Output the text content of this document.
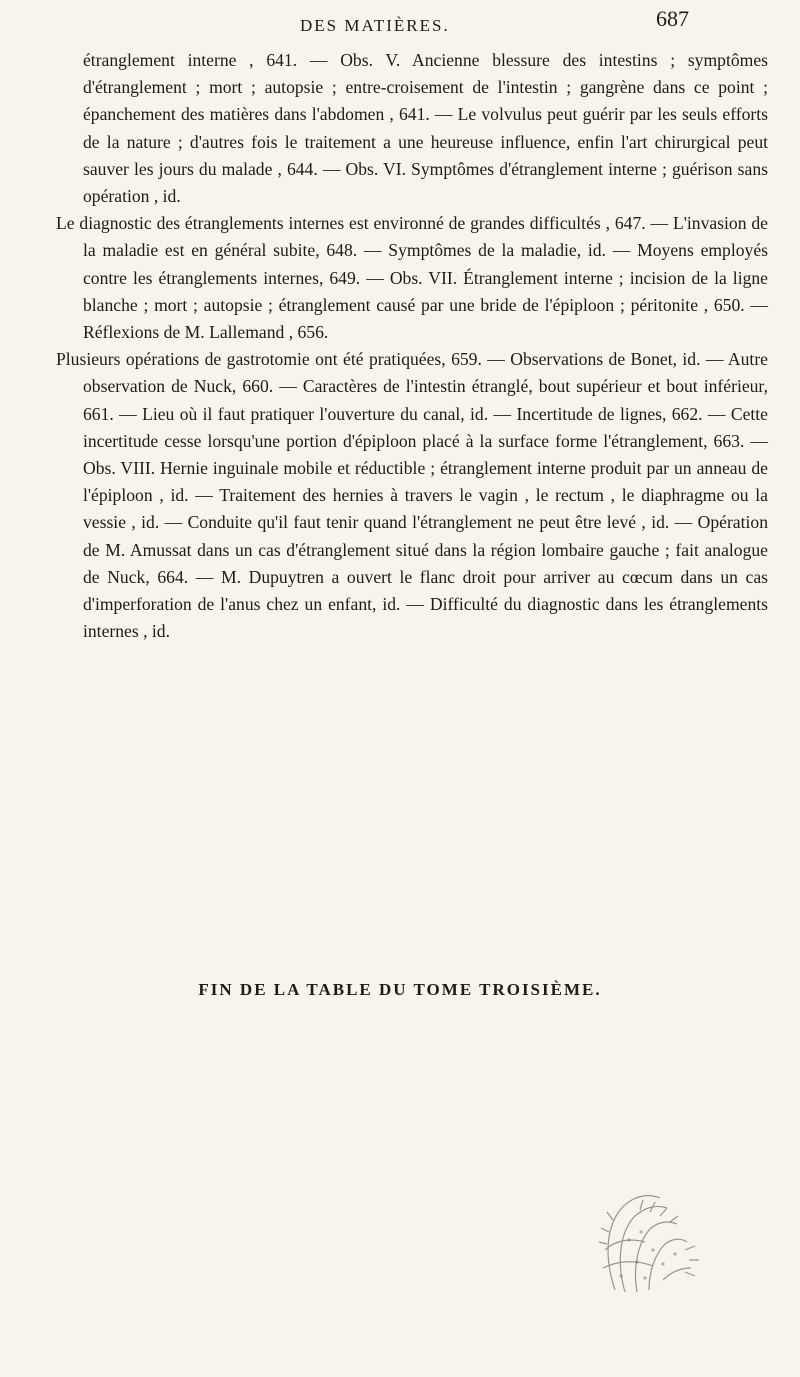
DES MATIÈRES.	687

étranglement interne , 641. — Obs. V. Ancienne blessure des intestins ; symptômes d'étranglement ; mort ; autopsie ; entre-croisement de l'intestin ; gangrène dans ce point ; épanchement des matières dans l'abdomen , 641. — Le volvulus peut guérir par les seuls efforts de la nature ; d'autres fois le traitement a une heureuse influence, enfin l'art chirurgical peut sauver les jours du malade , 644. — Obs. VI. Symptômes d'étranglement interne ; guérison sans opération , id.

Le diagnostic des étranglements internes est environné de grandes difficultés , 647. — L'invasion de la maladie est en général subite, 648. — Symptômes de la maladie, id. — Moyens employés contre les étranglements internes, 649. — Obs. VII. Étranglement interne ; incision de la ligne blanche ; mort ; autopsie ; étranglement causé par une bride de l'épiploon ; péritonite , 650. — Réflexions de M. Lallemand , 656.

Plusieurs opérations de gastrotomie ont été pratiquées, 659. — Observations de Bonet, id. — Autre observation de Nuck, 660. — Caractères de l'intestin étranglé, bout supérieur et bout inférieur, 661. — Lieu où il faut pratiquer l'ouverture du canal, id. — Incertitude de lignes, 662. — Cette incertitude cesse lorsqu'une portion d'épiploon placé à la surface forme l'étranglement, 663. — Obs. VIII. Hernie inguinale mobile et réductible ; étranglement interne produit par un anneau de l'épiploon , id. — Traitement des hernies à travers le vagin , le rectum , le diaphragme ou la vessie , id. — Conduite qu'il faut tenir quand l'étranglement ne peut être levé , id. — Opération de M. Amussat dans un cas d'étranglement situé dans la région lombaire gauche ; fait analogue de Nuck, 664. — M. Dupuytren a ouvert le flanc droit pour arriver au cœcum dans un cas d'imperforation de l'anus chez un enfant, id. — Difficulté du diagnostic dans les étranglements internes , id.

FIN DE LA TABLE DU TOME TROISIÈME.
